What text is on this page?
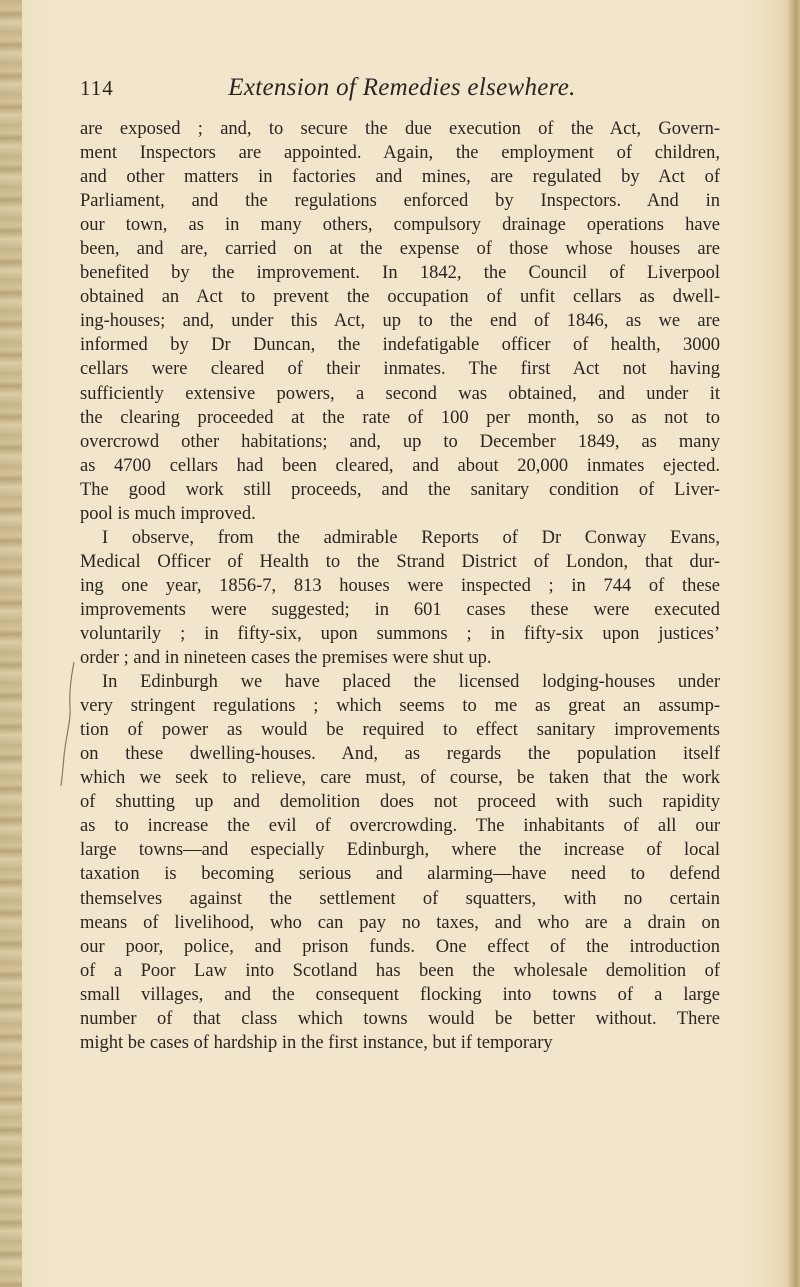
114	Extension of Remedies elsewhere.
are exposed ; and, to secure the due execution of the Act, Govern-
ment Inspectors are appointed. Again, the employment of children,
and other matters in factories and mines, are regulated by Act of
Parliament, and the regulations enforced by Inspectors. And in
our town, as in many others, compulsory drainage operations have
been, and are, carried on at the expense of those whose houses are
benefited by the improvement. In 1842, the Council of Liverpool
obtained an Act to prevent the occupation of unfit cellars as dwell-
ing-houses; and, under this Act, up to the end of 1846, as we are
informed by Dr Duncan, the indefatigable officer of health, 3000
cellars were cleared of their inmates. The first Act not having
sufficiently extensive powers, a second was obtained, and under it
the clearing proceeded at the rate of 100 per month, so as not to
overcrowd other habitations; and, up to December 1849, as many
as 4700 cellars had been cleared, and about 20,000 inmates ejected.
The good work still proceeds, and the sanitary condition of Liver-
pool is much improved.
I observe, from the admirable Reports of Dr Conway Evans,
Medical Officer of Health to the Strand District of London, that dur-
ing one year, 1856-7, 813 houses were inspected ; in 744 of these
improvements were suggested; in 601 cases these were executed
voluntarily ; in fifty-six, upon summons ; in fifty-six upon justices’
order ; and in nineteen cases the premises were shut up.
In Edinburgh we have placed the licensed lodging-houses under
very stringent regulations ; which seems to me as great an assump-
tion of power as would be required to effect sanitary improvements
on these dwelling-houses. And, as regards the population itself
which we seek to relieve, care must, of course, be taken that the work
of shutting up and demolition does not proceed with such rapidity
as to increase the evil of overcrowding. The inhabitants of all our
large towns—and especially Edinburgh, where the increase of local
taxation is becoming serious and alarming—have need to defend
themselves against the settlement of squatters, with no certain
means of livelihood, who can pay no taxes, and who are a drain on
our poor, police, and prison funds. One effect of the introduction
of a Poor Law into Scotland has been the wholesale demolition of
small villages, and the consequent flocking into towns of a large
number of that class which towns would be better without. There
might be cases of hardship in the first instance, but if temporary
